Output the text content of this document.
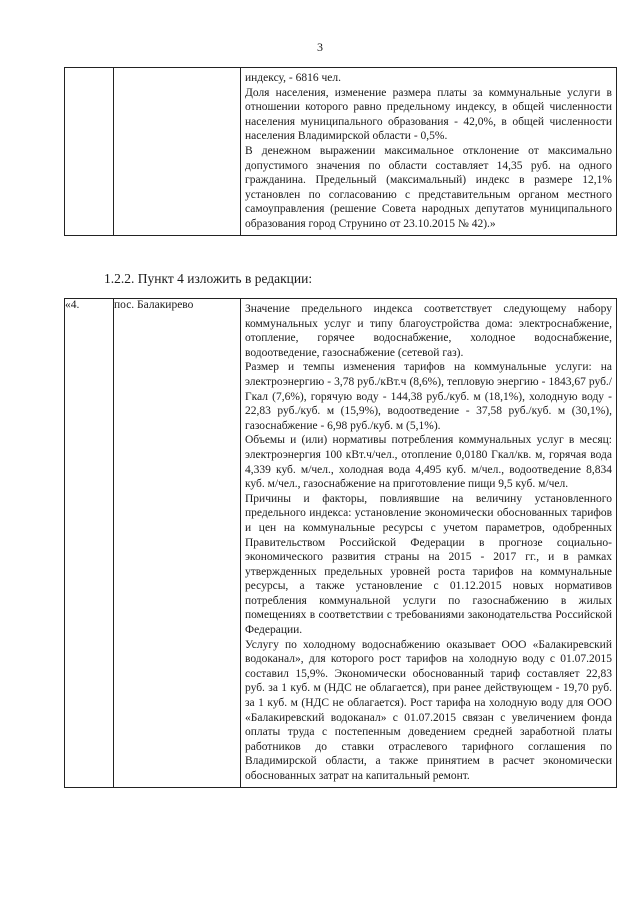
3

индексу, - 6816 чел.

Доля населения, изменение размера платы за коммунальные услуги в отношении которого равно предельному индексу, в общей численности населения муниципального образования - 42,0%, в общей численности населения Владимирской области - 0,5%.

В денежном выражении максимальное отклонение от максимально допустимого значения по области составляет 14,35 руб. на одного гражданина. Предельный (максимальный) индекс в размере 12,1% установлен по согласованию с представительным органом местного самоуправления (решение Совета народных депутатов муниципального образования город Струнино от 23.10.2015 № 42).»

1.2.2. Пункт 4 изложить в редакции:
«4.	пос. Балакирево	Значение предельного индекса соответствует следующему набору коммунальных услуг и типу благоустройства дома: электроснабжение, отопление, горячее водоснабжение, холодное водоснабжение, водоотведение, газоснабжение (сетевой газ).

Размер и темпы изменения тарифов на коммунальные услуги: на электроэнергию - 3,78 руб./кВт.ч (8,6%), тепловую энергию - 1843,67 руб./Гкал (7,6%), горячую воду - 144,38 руб./куб. м (18,1%), холодную воду - 22,83 руб./куб. м (15,9%), водоотведение - 37,58 руб./куб. м (30,1%), газоснабжение - 6,98 руб./куб. м (5,1%).

Объемы и (или) нормативы потребления коммунальных услуг в месяц: электроэнергия 100 кВт.ч/чел., отопление 0,0180 Гкал/кв. м, горячая вода 4,339 куб. м/чел., холодная вода 4,495 куб. м/чел., водоотведение 8,834 куб. м/чел., газоснабжение на приготовление пищи 9,5 куб. м/чел.

Причины и факторы, повлиявшие на величину установленного предельного индекса: установление экономически обоснованных тарифов и цен на коммунальные ресурсы с учетом параметров, одобренных Правительством Российской Федерации в прогнозе социально-экономического развития страны на 2015 - 2017 гг., и в рамках утвержденных предельных уровней роста тарифов на коммунальные ресурсы, а также установление с 01.12.2015 новых нормативов потребления коммунальной услуги по газоснабжению в жилых помещениях в соответствии с требованиями законодательства Российской Федерации.

Услугу по холодному водоснабжению оказывает ООО «Балакиревский водоканал», для которого рост тарифов на холодную воду с 01.07.2015 составил 15,9%. Экономически обоснованный тариф составляет 22,83 руб. за 1 куб. м (НДС не облагается), при ранее действующем - 19,70 руб. за 1 куб. м (НДС не облагается). Рост тарифа на холодную воду для ООО «Балакиревский водоканал» с 01.07.2015 связан с увеличением фонда оплаты труда с постепенным доведением средней заработной платы работников до ставки отраслевого тарифного соглашения по Владимирской области, а также принятием в расчет экономически обоснованных затрат на капитальный ремонт.
